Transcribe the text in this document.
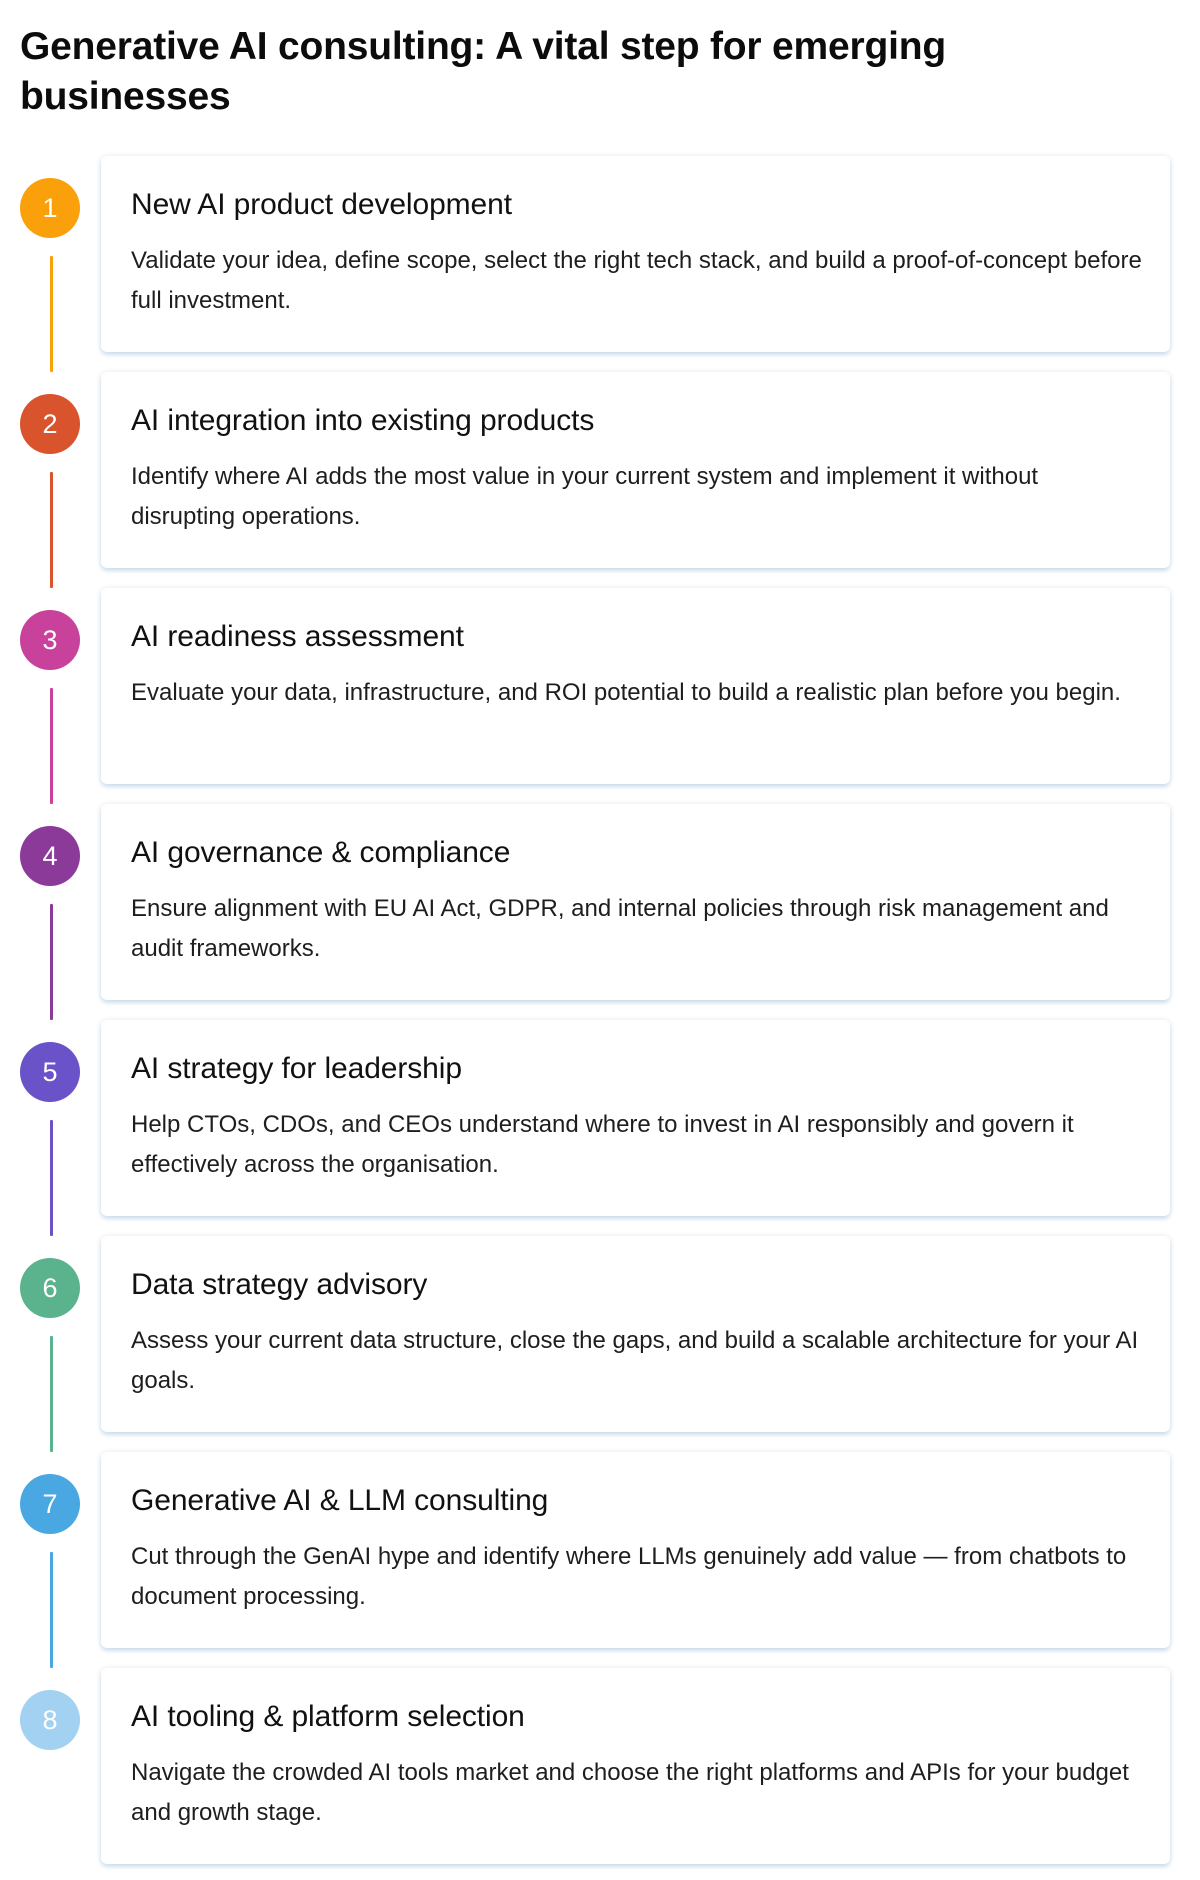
Generative AI consulting: A vital step for emerging businesses
1	New AI product development

Validate your idea, define scope, select the right tech stack, and build a proof-of-concept before full investment.

2	AI integration into existing products

Identify where AI adds the most value in your current system and implement it without disrupting operations.

3	AI readiness assessment

Evaluate your data, infrastructure, and ROI potential to build a realistic plan before you begin.

4	AI governance & compliance

Ensure alignment with EU AI Act, GDPR, and internal policies through risk management and audit frameworks.

5	AI strategy for leadership

Help CTOs, CDOs, and CEOs understand where to invest in AI responsibly and govern it effectively across the organisation.

6	Data strategy advisory

Assess your current data structure, close the gaps, and build a scalable architecture for your AI goals.

7	Generative AI & LLM consulting

Cut through the GenAI hype and identify where LLMs genuinely add value — from chatbots to document processing.

8	AI tooling & platform selection

Navigate the crowded AI tools market and choose the right platforms and APIs for your budget and growth stage.
